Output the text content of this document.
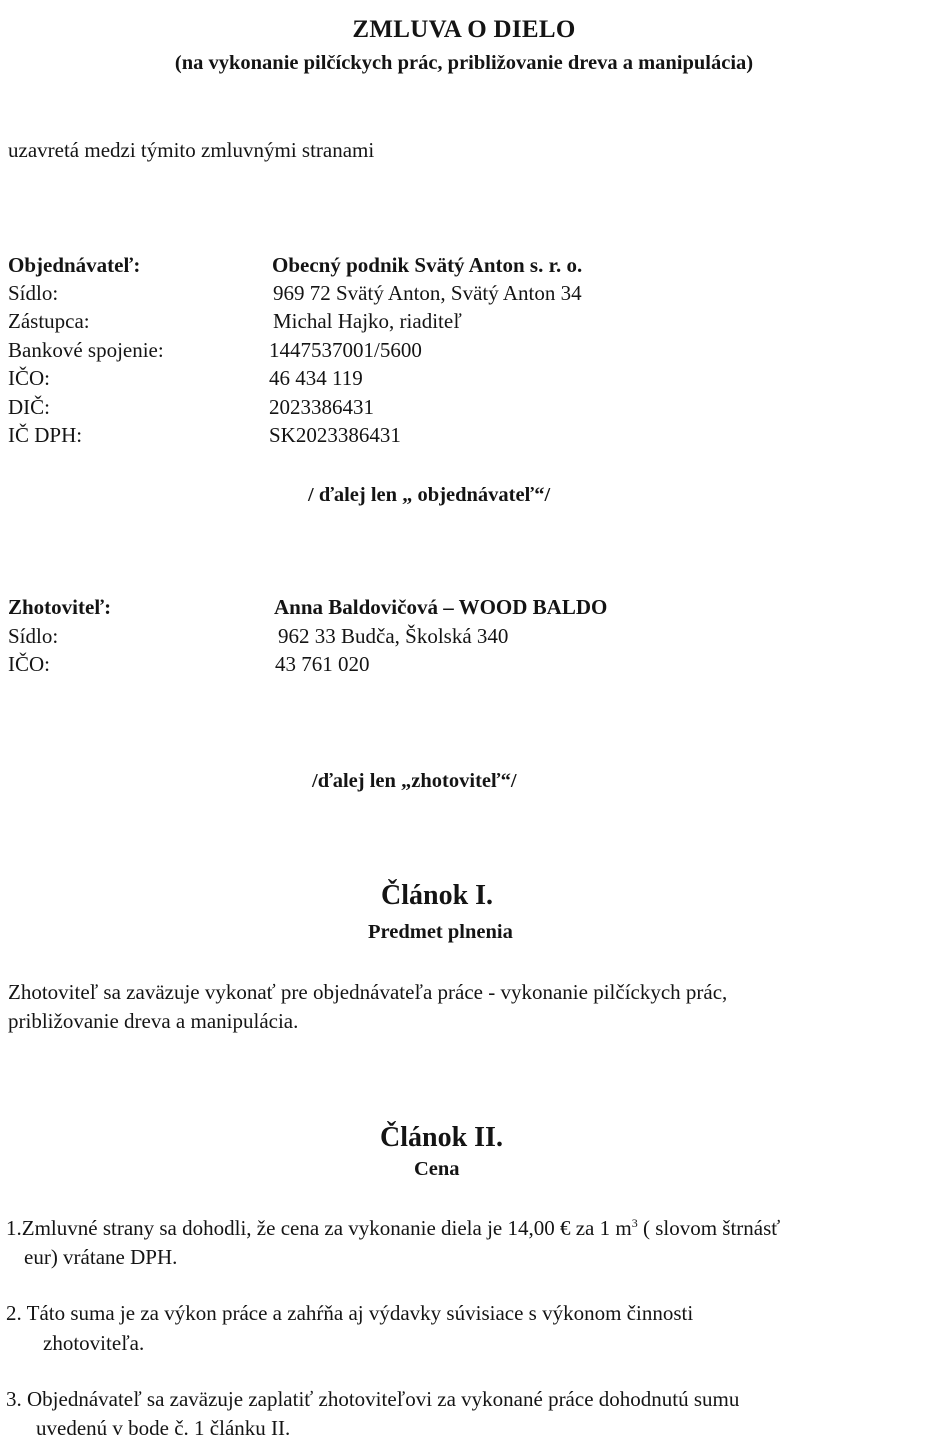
ZMLUVA O DIELO
(na vykonanie pilčíckych prác, približovanie dreva a manipulácia)
uzavretá medzi týmito zmluvnými stranami
Objednávateľ:	Obecný podnik Svätý Anton s. r. o.
Sídlo:	969 72 Svätý Anton, Svätý Anton 34
Zástupca:	Michal Hajko, riaditeľ
Bankové spojenie:	1447537001/5600
IČO:	46 434 119
DIČ:	2023386431
IČ DPH:	SK2023386431
/ ďalej len „ objednávateľ“/
Zhotoviteľ:	Anna Baldovičová – WOOD BALDO
Sídlo:	962 33 Budča, Školská 340
IČO:	43 761 020
/ďalej len „zhotoviteľ“/
Článok I.
Predmet plnenia
Zhotoviteľ sa zaväzuje vykonať pre objednávateľa práce - vykonanie pilčíckych prác,
približovanie dreva a manipulácia.
Článok II.
Cena
1.Zmluvné strany sa dohodli, že cena za vykonanie diela je 14,00 € za 1 $m^3$ ( slovom štrnásť
eur) vrátane DPH.
2. Táto suma je za výkon práce a zahŕňa aj výdavky súvisiace s výkonom činnosti
zhotoviteľa.
3. Objednávateľ sa zaväzuje zaplatiť zhotoviteľovi za vykonané práce dohodnutú sumu
uvedenú v bode č. 1 článku II.
